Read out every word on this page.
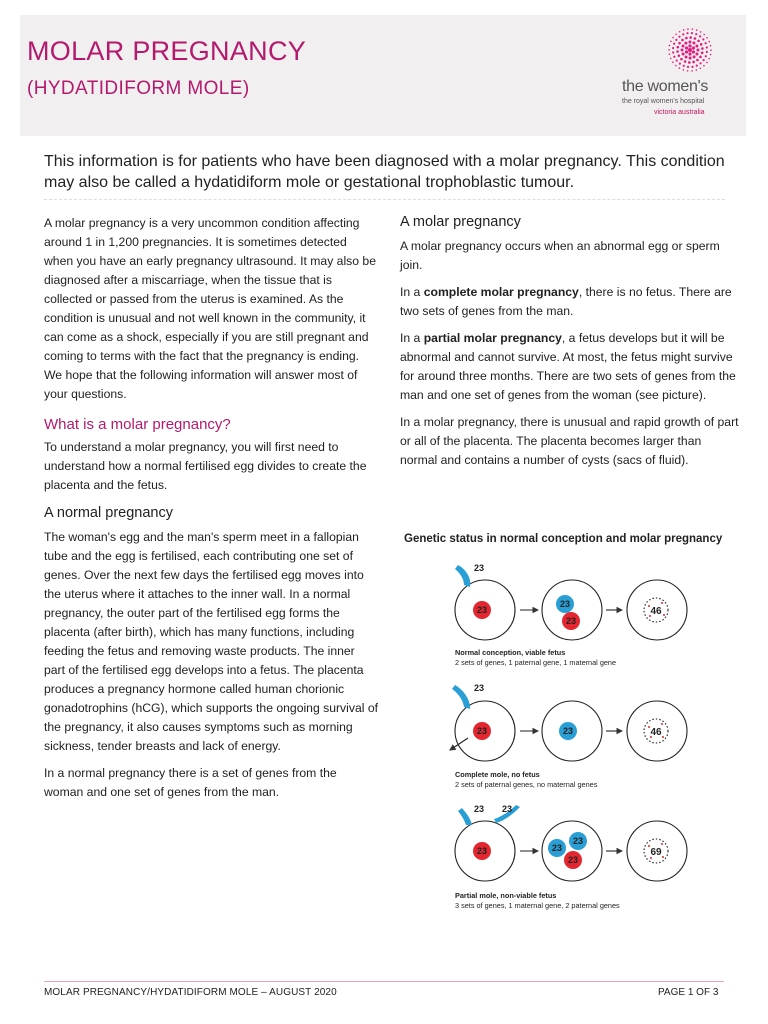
MOLAR PREGNANCY
(HYDATIDIFORM MOLE)	the women's
the royal women's hospital
victoria australia
This information is for patients who have been diagnosed with a molar pregnancy. This condition may also be called a hydatidiform mole or gestational trophoblastic tumour.

A molar pregnancy is a very uncommon condition affecting around 1 in 1,200 pregnancies. It is sometimes detected when you have an early pregnancy ultrasound. It may also be diagnosed after a miscarriage, when the tissue that is collected or passed from the uterus is examined. As the condition is unusual and not well known in the community, it can come as a shock, especially if you are still pregnant and coming to terms with the fact that the pregnancy is ending. We hope that the following information will answer most of your questions.

What is a molar pregnancy?

To understand a molar pregnancy, you will first need to understand how a normal fertilised egg divides to create the placenta and the fetus.

A normal pregnancy

The woman's egg and the man's sperm meet in a fallopian tube and the egg is fertilised, each contributing one set of genes. Over the next few days the fertilised egg moves into the uterus where it attaches to the inner wall. In a normal pregnancy, the outer part of the fertilised egg forms the placenta (after birth), which has many functions, including feeding the fetus and removing waste products. The inner part of the fertilised egg develops into a fetus. The placenta produces a pregnancy hormone called human chorionic gonadotrophins (hCG), which supports the ongoing survival of the pregnancy, it also causes symptoms such as morning sickness, tender breasts and lack of energy.

In a normal pregnancy there is a set of genes from the woman and one set of genes from the man.

A molar pregnancy

A molar pregnancy occurs when an abnormal egg or sperm join.

In a complete molar pregnancy, there is no fetus. There are two sets of genes from the man.

In a partial molar pregnancy, a fetus develops but it will be abnormal and cannot survive. At most, the fetus might survive for around three months. There are two sets of genes from the man and one set of genes from the woman (see picture).

In a molar pregnancy, there is unusual and rapid growth of part or all of the placenta. The placenta becomes larger than normal and contains a number of cysts (sacs of fluid).

Genetic status in normal conception and molar pregnancy
23
23
23
23
46
23
23	23	46
23 23
23	23
23
23
69
Normal conception, viable fetus
2 sets of genes, 1 paternal gene, 1 maternal gene
Complete mole, no fetus
2 sets of paternal genes, no maternal genes
Partial mole, non-viable fetus
3 sets of genes, 1 maternal gene, 2 paternal genes
MOLAR PREGNANCY/HYDATIDIFORM MOLE – AUGUST 2020	PAGE 1 OF 3
